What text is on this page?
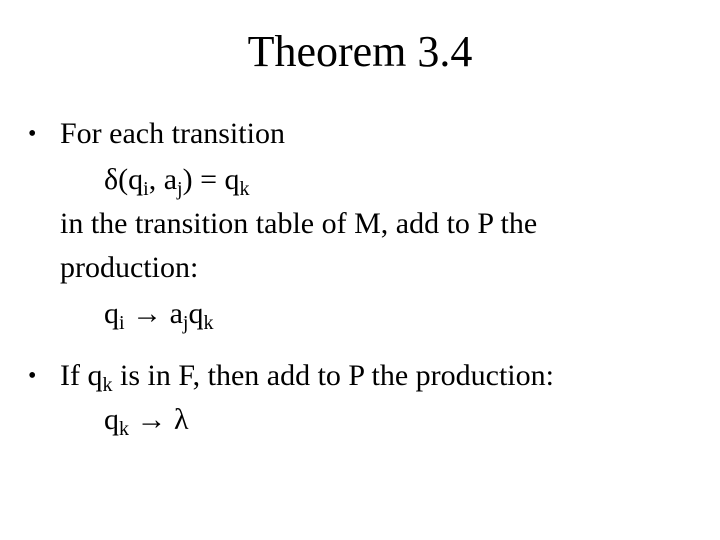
Theorem 3.4
• For each transition
$\delta(q_i$, $a_j) = q_k$
in the transition table of M, add to P the
production:
$q_i \to a_jq_k$
• If $q_k$ is in F, then add to P the production:
$q_k \to \lambda$
